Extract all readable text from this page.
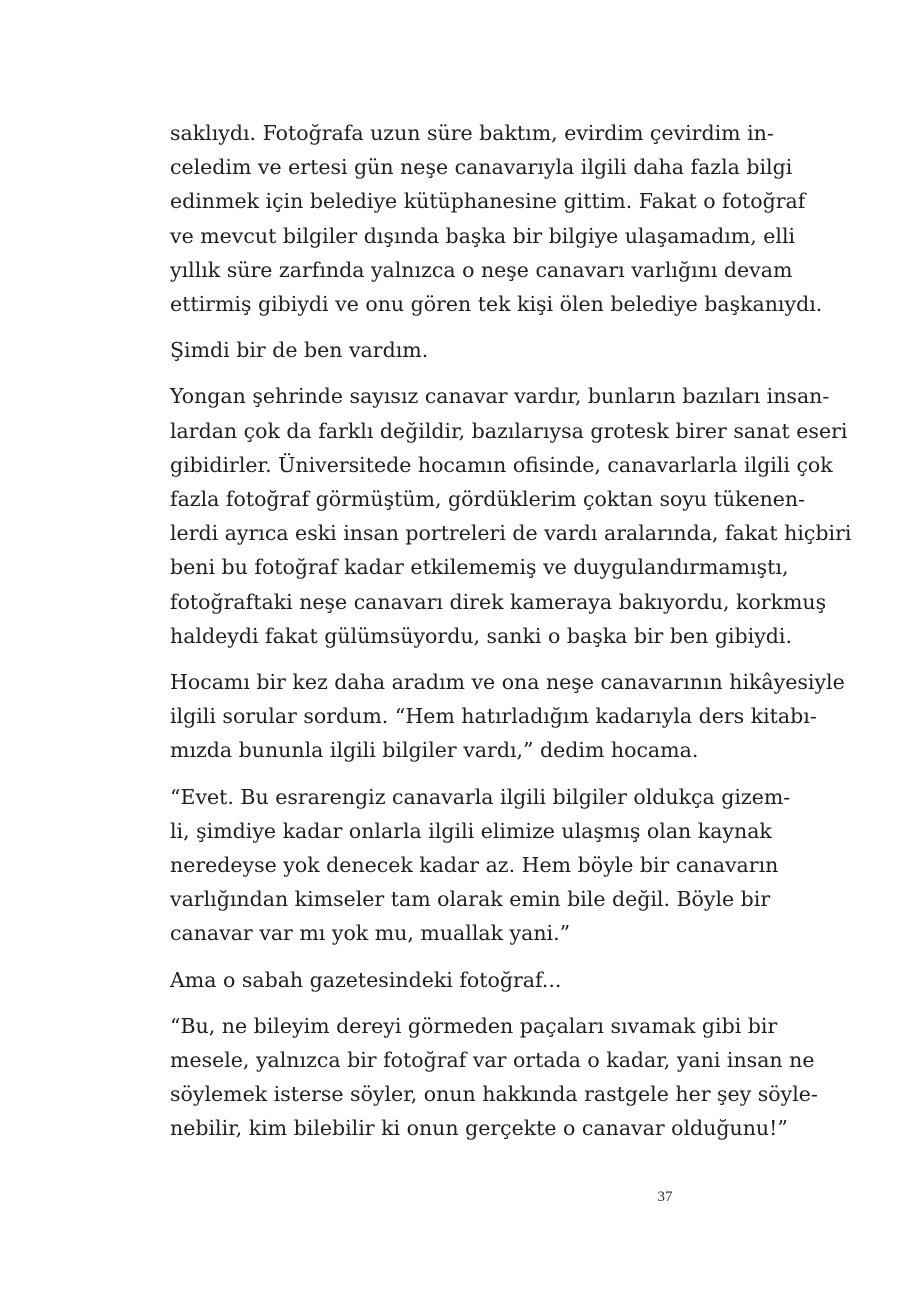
saklıydı. Fotoğrafa uzun süre baktım, evirdim çevirdim in-
celedim ve ertesi gün neşe canavarıyla ilgili daha fazla bilgi
edinmek için belediye kütüphanesine gittim. Fakat o fotoğraf
ve mevcut bilgiler dışında başka bir bilgiye ulaşamadım, elli
yıllık süre zarfında yalnızca o neşe canavarı varlığını devam
ettirmiş gibiydi ve onu gören tek kişi ölen belediye başkanıydı.
Şimdi bir de ben vardım.
Yongan şehrinde sayısız canavar vardır, bunların bazıları insan-
lardan çok da farklı değildir, bazılarıysa grotesk birer sanat eseri
gibidirler. Üniversitede hocamın ofisinde, canavarlarla ilgili çok
fazla fotoğraf görmüştüm, gördüklerim çoktan soyu tükenen-
lerdi ayrıca eski insan portreleri de vardı aralarında, fakat hiçbiri
beni bu fotoğraf kadar etkilememiş ve duygulandırmamıştı,
fotoğraftaki neşe canavarı direk kameraya bakıyordu, korkmuş
haldeydi fakat gülümsüyordu, sanki o başka bir ben gibiydi.
Hocamı bir kez daha aradım ve ona neşe canavarının hikâyesiyle
ilgili sorular sordum. “Hem hatırladığım kadarıyla ders kitabı-
mızda bununla ilgili bilgiler vardı,” dedim hocama.
“Evet. Bu esrarengiz canavarla ilgili bilgiler oldukça gizem-
li, şimdiye kadar onlarla ilgili elimize ulaşmış olan kaynak
neredeyse yok denecek kadar az. Hem böyle bir canavarın
varlığından kimseler tam olarak emin bile değil. Böyle bir
canavar var mı yok mu, muallak yani.”
Ama o sabah gazetesindeki fotoğraf...
“Bu, ne bileyim dereyi görmeden paçaları sıvamak gibi bir
mesele, yalnızca bir fotoğraf var ortada o kadar, yani insan ne
söylemek isterse söyler, onun hakkında rastgele her şey söyle-
nebilir, kim bilebilir ki onun gerçekte o canavar olduğunu!”
37
